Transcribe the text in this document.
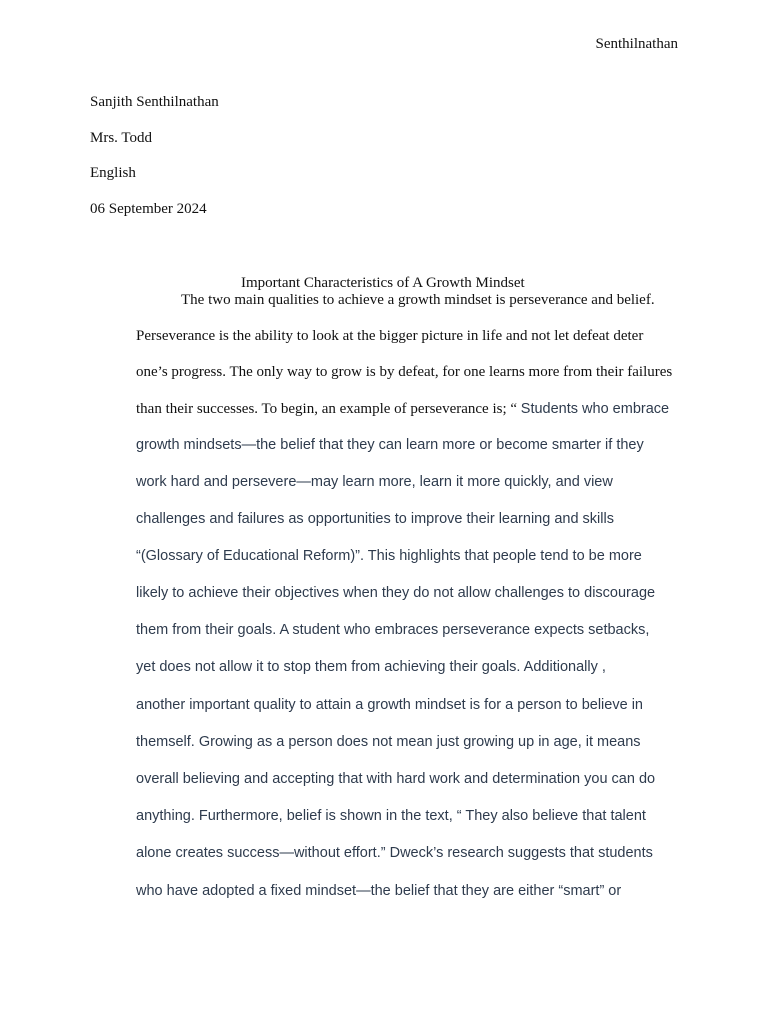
Senthilnathan
Sanjith Senthilnathan
Mrs. Todd
English
06 September 2024
Important Characteristics of A Growth Mindset
The two main qualities to achieve a growth mindset is perseverance and belief.
Perseverance is the ability to look at the bigger picture in life and not let defeat deter
one’s progress. The only way to grow is by defeat, for one learns more from their failures
than their successes. To begin, an example of perseverance is; “ Students who embrace
growth mindsets—the belief that they can learn more or become smarter if they
work hard and persevere—may learn more, learn it more quickly, and view
challenges and failures as opportunities to improve their learning and skills
“(Glossary of Educational Reform)”. This highlights that people tend to be more
likely to achieve their objectives when they do not allow challenges to discourage
them from their goals. A student who embraces perseverance expects setbacks,
yet does not allow it to stop them from achieving their goals. Additionally ,
another important quality to attain a growth mindset is for a person to believe in
themself. Growing as a person does not mean just growing up in age, it means
overall believing and accepting that with hard work and determination you can do
anything. Furthermore, belief is shown in the text, “ They also believe that talent
alone creates success—without effort.” Dweck’s research suggests that students
who have adopted a fixed mindset—the belief that they are either “smart” or
